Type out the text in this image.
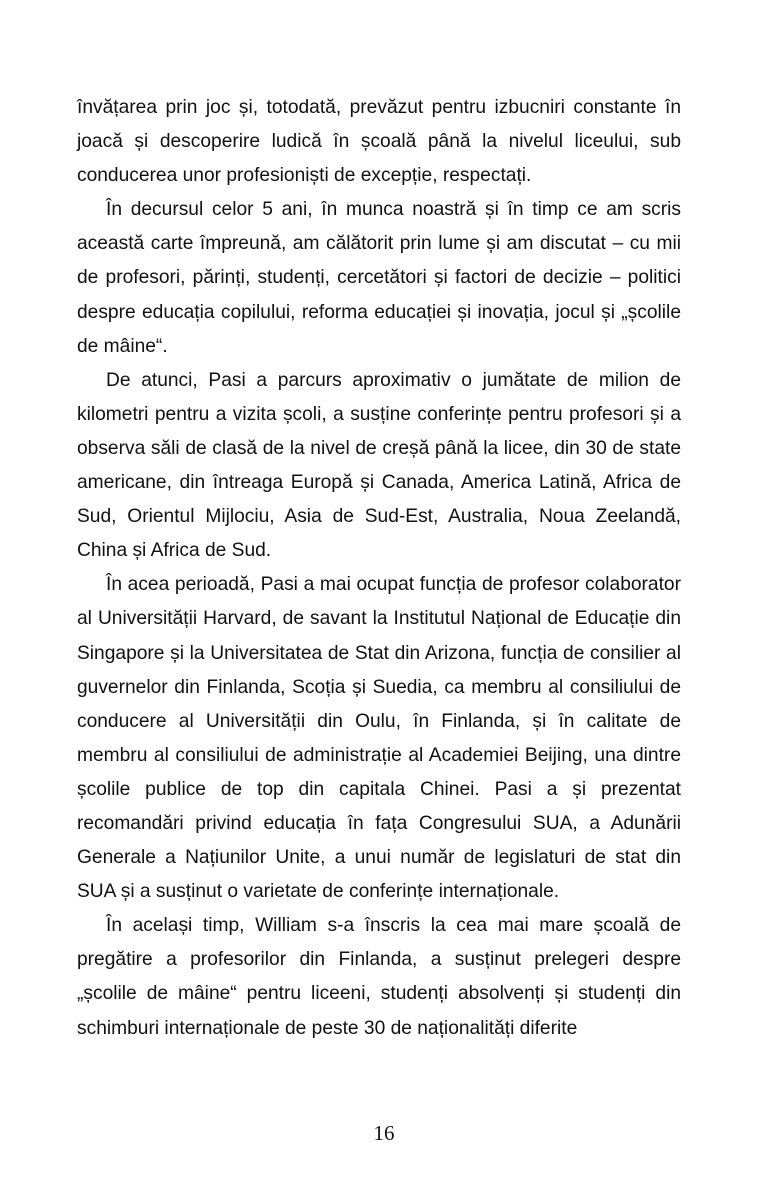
învățarea prin joc și, totodată, prevăzut pentru izbucniri constante în joacă și descoperire ludică în școală până la nivelul liceului, sub conducerea unor profesioniști de excepție, respectați.

În decursul celor 5 ani, în munca noastră și în timp ce am scris această carte împreună, am călătorit prin lume și am discutat – cu mii de profesori, părinți, studenți, cercetători și factori de decizie – politici despre educația copilului, reforma educației și inovația, jocul și „școlile de mâine“.

De atunci, Pasi a parcurs aproximativ o jumătate de milion de kilometri pentru a vizita școli, a susține conferințe pentru profesori și a observa săli de clasă de la nivel de creșă până la licee, din 30 de state americane, din întreaga Europă și Canada, America Latină, Africa de Sud, Orientul Mijlociu, Asia de Sud-Est, Australia, Noua Zeelandă, China și Africa de Sud.

În acea perioadă, Pasi a mai ocupat funcția de profesor colaborator al Universității Harvard, de savant la Institutul Național de Educație din Singapore și la Universitatea de Stat din Arizona, funcția de consilier al guvernelor din Finlanda, Scoția și Suedia, ca membru al consiliului de conducere al Universității din Oulu, în Finlanda, și în calitate de membru al consiliului de administrație al Academiei Beijing, una dintre școlile publice de top din capitala Chinei. Pasi a și prezentat recomandări privind educația în fața Congresului SUA, a Adunării Generale a Națiunilor Unite, a unui număr de legislaturi de stat din SUA și a susținut o varietate de conferințe internaționale.

În același timp, William s-a înscris la cea mai mare școală de pregătire a profesorilor din Finlanda, a susținut prelegeri despre „școlile de mâine“ pentru liceeni, studenți absolvenți și studenți din schimburi internaționale de peste 30 de naționalități diferite

16
